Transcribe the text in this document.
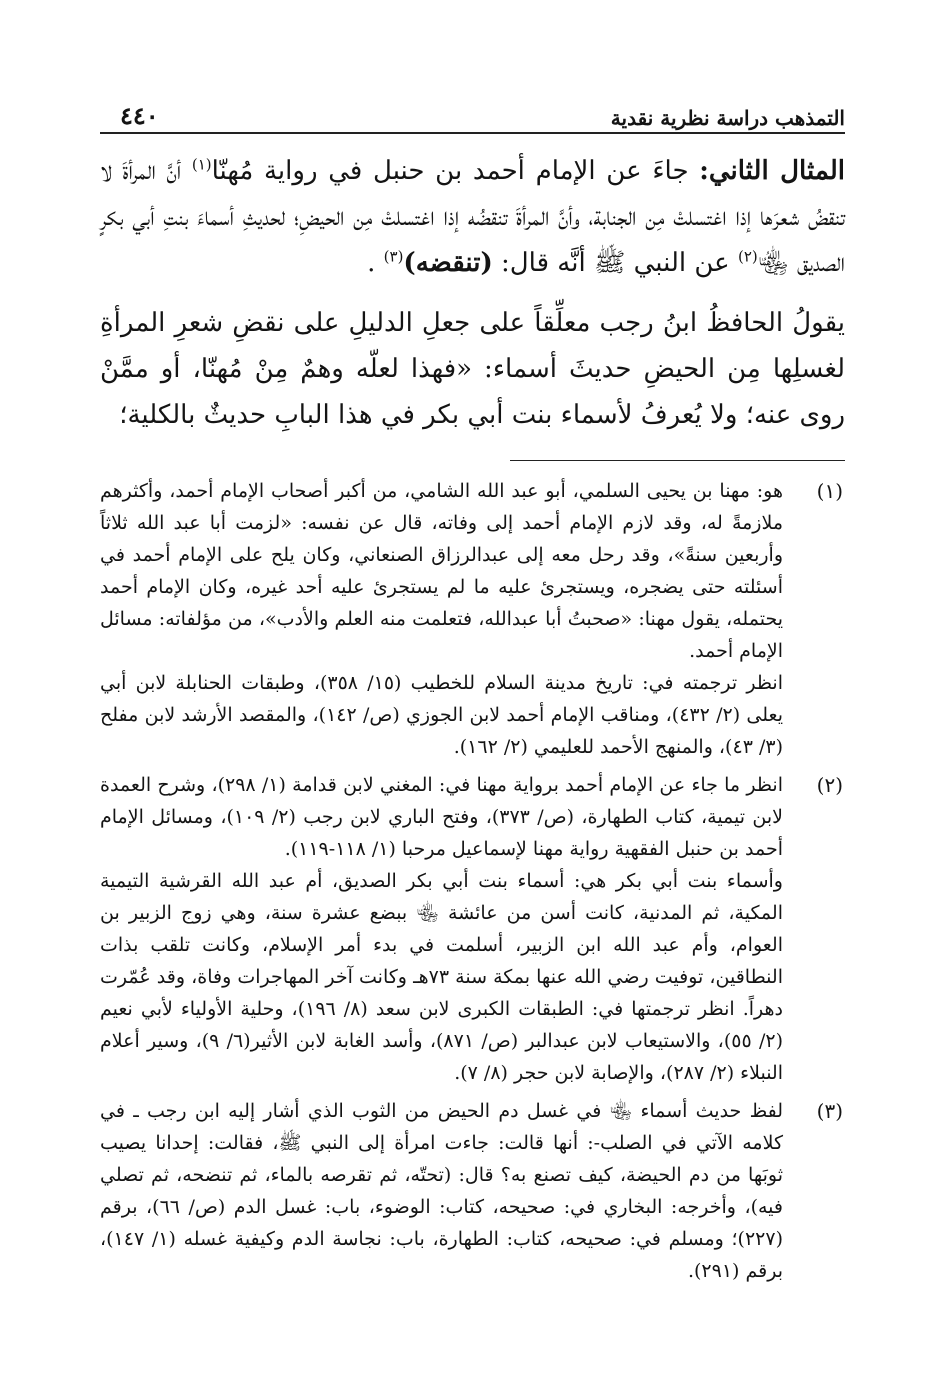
التمذهب دراسة نظرية نقدية
٤٤٠

المثال الثاني: جاءَ عن الإمام أحمد بن حنبل في رواية مُهنّا$^{(١)}$ أنَّ المرأةَ لا تنقضُ شعرَها إذا اغتسلتْ مِن الجنابة، وأنَّ المرأةَ تنقضُه إذا اغتسلتْ مِن الحيضِ؛ لحديثِ أسماءَ بنتِ أبي بكرٍ الصديق ﵄$^{(٢)}$ عن النبي ﷺ أنَّه قال: (تنقضه)$^{(٣)}$ .

يقولُ الحافظُ ابنُ رجب معلِّقاً على جعلِ الدليلِ على نقضِ شعرِ المرأةِ لغسلِها مِن الحيضِ حديثَ أسماء: «فهذا لعلّه وهمٌ مِنْ مُهنّا، أو ممَّنْ روى عنه؛ ولا يُعرفُ لأسماء بنت أبي بكر في هذا البابِ حديثٌ بالكلية؛

(١)

هو: مهنا بن يحيى السلمي، أبو عبد الله الشامي، من أكبر أصحاب الإمام أحمد، وأكثرهم ملازمةً له، وقد لازم الإمام أحمد إلى وفاته، قال عن نفسه: «لزمت أبا عبد الله ثلاثاً وأربعين سنةً»، وقد رحل معه إلى عبدالرزاق الصنعاني، وكان يلح على الإمام أحمد في أسئلته حتى يضجره، ويستجرئ عليه ما لم يستجرئ عليه أحد غيره، وكان الإمام أحمد يحتمله، يقول مهنا: «صحبتُ أبا عبدالله، فتعلمت منه العلم والأدب»، من مؤلفاته: مسائل الإمام أحمد.

انظر ترجمته في: تاريخ مدينة السلام للخطيب (١٥/ ٣٥٨)، وطبقات الحنابلة لابن أبي يعلى (٢/ ٤٣٢)، ومناقب الإمام أحمد لابن الجوزي (ص/ ١٤٢)، والمقصد الأرشد لابن مفلح (٣/ ٤٣)، والمنهج الأحمد للعليمي (٢/ ١٦٢).

(٢)

انظر ما جاء عن الإمام أحمد برواية مهنا في: المغني لابن قدامة (١/ ٢٩٨)، وشرح العمدة لابن تيمية، كتاب الطهارة، (ص/ ٣٧٣)، وفتح الباري لابن رجب (٢/ ١٠٩)، ومسائل الإمام أحمد بن حنبل الفقهية رواية مهنا لإسماعيل مرحبا (١/ ١١٨-١١٩).

وأسماء بنت أبي بكر هي: أسماء بنت أبي بكر الصديق، أم عبد الله القرشية التيمية المكية، ثم المدنية، كانت أسن من عائشة ﵄ ببضع عشرة سنة، وهي زوج الزبير بن العوام، وأم عبد الله ابن الزبير، أسلمت في بدء أمر الإسلام، وكانت تلقب بذات النطاقين، توفيت رضي الله عنها بمكة سنة ٧٣هـ وكانت آخر المهاجرات وفاة، وقد عُمّرت دهراً. انظر ترجمتها في: الطبقات الكبرى لابن سعد (٨/ ١٩٦)، وحلية الأولياء لأبي نعيم (٢/ ٥٥)، والاستيعاب لابن عبدالبر (ص/ ٨٧١)، وأسد الغابة لابن الأثير(٦/ ٩)، وسير أعلام النبلاء (٢/ ٢٨٧)، والإصابة لابن حجر (٨/ ٧).

(٣)

لفظ حديث أسماء ﵄ في غسل دم الحيض من الثوب الذي أشار إليه ابن رجب ـ في كلامه الآتي في الصلب-: أنها قالت: جاءت امرأة إلى النبي ﷺ، فقالت: إحدانا يصيب ثوبَها من دم الحيضة، كيف تصنع به؟ قال: (تحتّه، ثم تقرصه بالماء، ثم تنضحه، ثم تصلي فيه)، وأخرجه: البخاري في: صحيحه، كتاب: الوضوء، باب: غسل الدم (ص/ ٦٦)، برقم (٢٢٧)؛ ومسلم في: صحيحه، كتاب: الطهارة، باب: نجاسة الدم وكيفية غسله (١/ ١٤٧)، برقم (٢٩١).
